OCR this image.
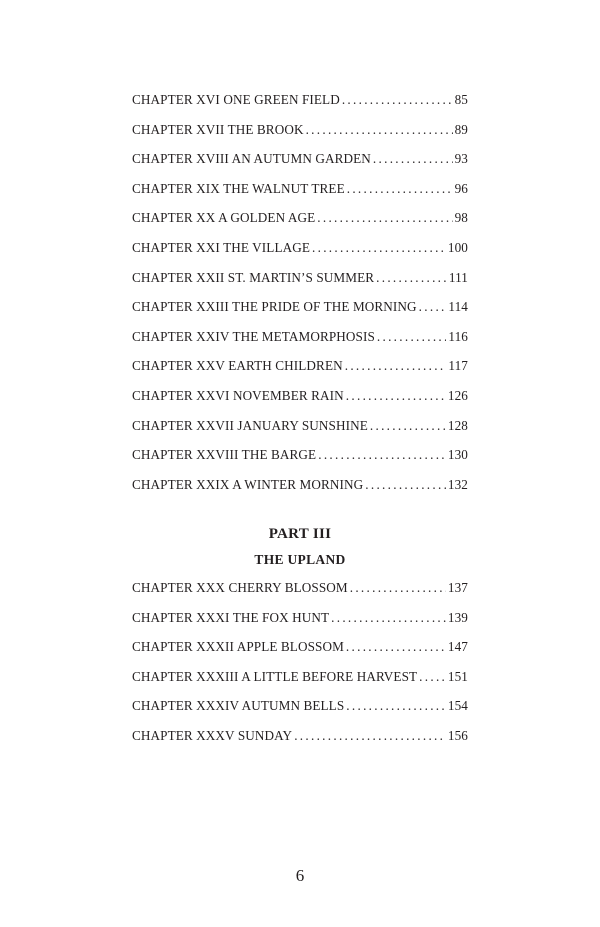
CHAPTER XVI ONE GREEN FIELD . . .	85
CHAPTER XVII THE BROOK . . .	89
CHAPTER XVIII AN AUTUMN GARDEN . . .	93
CHAPTER XIX THE WALNUT TREE . . .	96
CHAPTER XX A GOLDEN AGE . . .	98
CHAPTER XXI THE VILLAGE . . .	100
CHAPTER XXII ST. MARTIN’S SUMMER . . .	111
CHAPTER XXIII THE PRIDE OF THE MORNING . . . 114
CHAPTER XXIV THE METAMORPHOSIS . . .	116
CHAPTER XXV EARTH CHILDREN . . .	117
CHAPTER XXVI NOVEMBER RAIN . . .	126
CHAPTER XXVII JANUARY SUNSHINE . . .	128
CHAPTER XXVIII THE BARGE . . .	130
CHAPTER XXIX A WINTER MORNING . . .	132
PART III
THE UPLAND
CHAPTER XXX CHERRY BLOSSOM . . .	137
CHAPTER XXXI THE FOX HUNT . . .	139
CHAPTER XXXII APPLE BLOSSOM . . .	147
CHAPTER XXXIII A LITTLE BEFORE HARVEST . . . 151
CHAPTER XXXIV AUTUMN BELLS . . .	154
CHAPTER XXXV SUNDAY . . .	156
6
